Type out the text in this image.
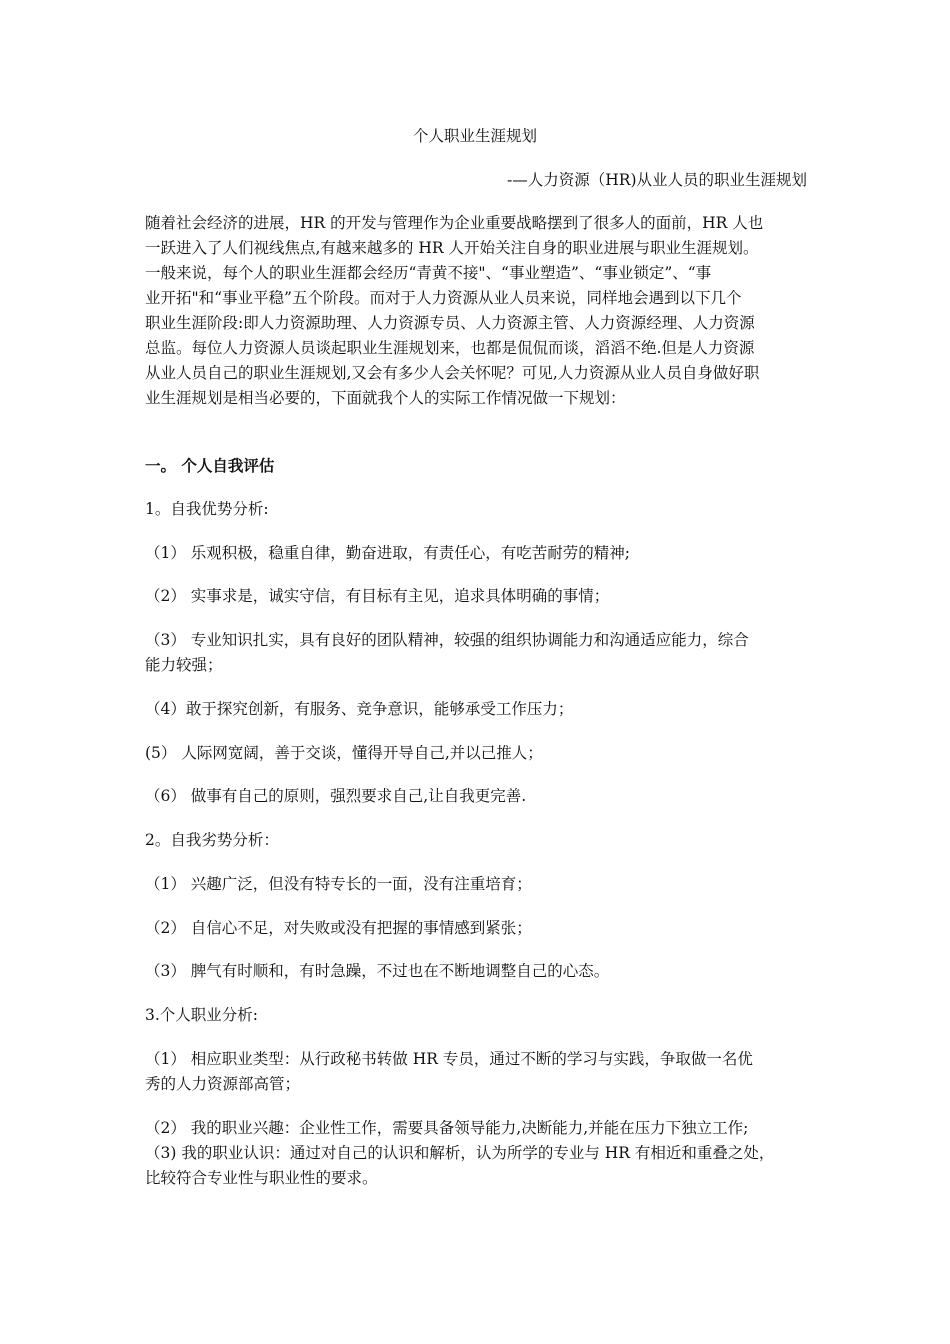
个人职业生涯规划
-—人力资源（HR)从业人员的职业生涯规划
随着社会经济的进展，HR 的开发与管理作为企业重要战略摆到了很多人的面前，HR 人也
一跃进入了人们视线焦点,有越来越多的 HR 人开始关注自身的职业进展与职业生涯规划。
一般来说，每个人的职业生涯都会经历“青黄不接"、“事业塑造”、“事业锁定”、“事
业开拓"和“事业平稳”五个阶段。而对于人力资源从业人员来说，同样地会遇到以下几个
职业生涯阶段:即人力资源助理、人力资源专员、人力资源主管、人力资源经理、人力资源
总监。每位人力资源人员谈起职业生涯规划来，也都是侃侃而谈，滔滔不绝.但是人力资源
从业人员自己的职业生涯规划,又会有多少人会关怀呢？可见,人力资源从业人员自身做好职
业生涯规划是相当必要的，下面就我个人的实际工作情况做一下规划：
一。 个人自我评估
1。自我优势分析:
（1） 乐观积极，稳重自律，勤奋进取，有责任心，有吃苦耐劳的精神;
（2） 实事求是，诚实守信，有目标有主见，追求具体明确的事情；
（3） 专业知识扎实，具有良好的团队精神，较强的组织协调能力和沟通适应能力，综合
能力较强；
（4）敢于探究创新，有服务、竞争意识，能够承受工作压力；
(5） 人际网宽阔，善于交谈，懂得开导自己,并以己推人；
（6） 做事有自己的原则，强烈要求自己,让自我更完善.
2。自我劣势分析：
（1） 兴趣广泛，但没有特专长的一面，没有注重培育；
（2） 自信心不足，对失败或没有把握的事情感到紧张；
（3） 脾气有时顺和，有时急躁，不过也在不断地调整自己的心态。
3.个人职业分析:
（1） 相应职业类型：从行政秘书转做 HR 专员，通过不断的学习与实践，争取做一名优
秀的人力资源部高管；
（2） 我的职业兴趣：企业性工作，需要具备领导能力,决断能力,并能在压力下独立工作;
（3) 我的职业认识：通过对自己的认识和解析，认为所学的专业与 HR 有相近和重叠之处，
比较符合专业性与职业性的要求。
